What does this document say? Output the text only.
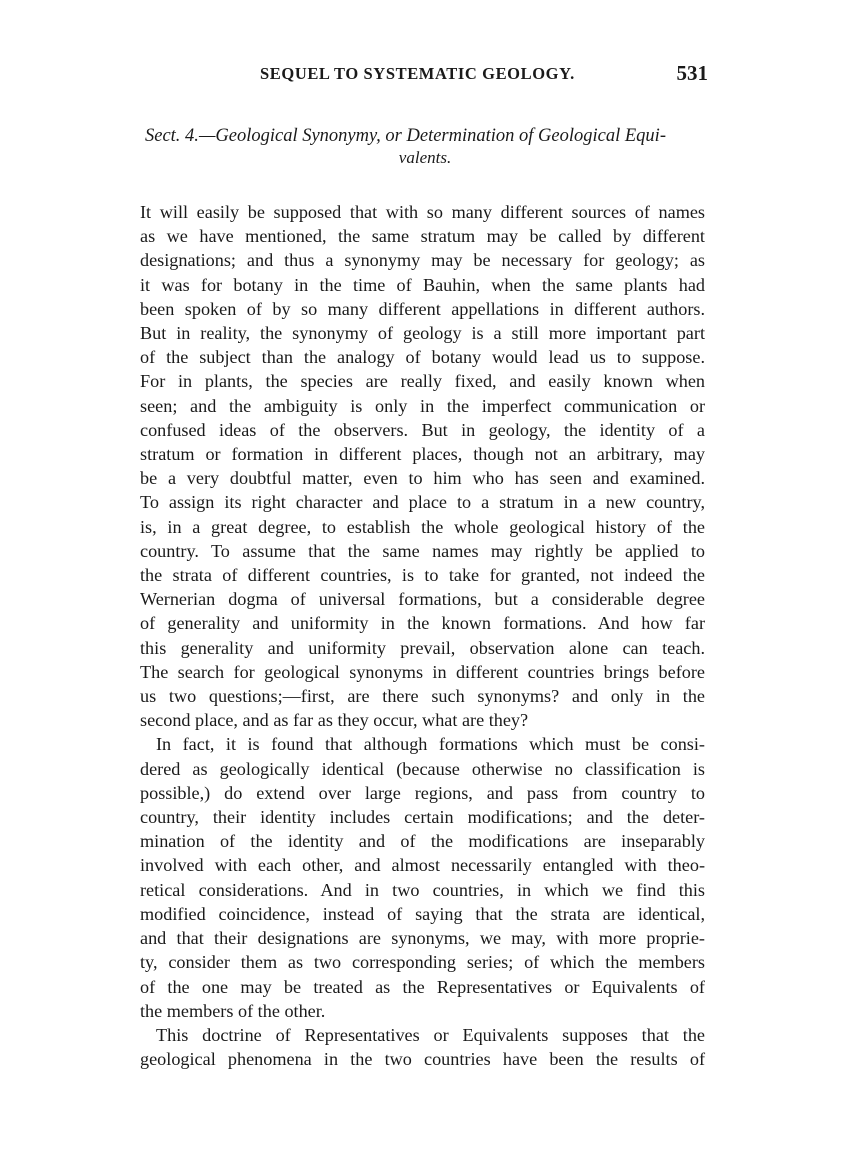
SEQUEL TO SYSTEMATIC GEOLOGY.	531
Sect. 4.—Geological Synonymy, or Determination of Geological Equi-
valents.
It will easily be supposed that with so many different sources of names
as we have mentioned, the same stratum may be called by different
designations; and thus a synonymy may be necessary for geology; as
it was for botany in the time of Bauhin, when the same plants had
been spoken of by so many different appellations in different authors.
But in reality, the synonymy of geology is a still more important part
of the subject than the analogy of botany would lead us to suppose.
For in plants, the species are really fixed, and easily known when
seen; and the ambiguity is only in the imperfect communication or
confused ideas of the observers. But in geology, the identity of a
stratum or formation in different places, though not an arbitrary, may
be a very doubtful matter, even to him who has seen and examined.
To assign its right character and place to a stratum in a new country,
is, in a great degree, to establish the whole geological history of the
country. To assume that the same names may rightly be applied to
the strata of different countries, is to take for granted, not indeed the
Wernerian dogma of universal formations, but a considerable degree
of generality and uniformity in the known formations. And how far
this generality and uniformity prevail, observation alone can teach.
The search for geological synonyms in different countries brings before
us two questions;—first, are there such synonyms? and only in the
second place, and as far as they occur, what are they?
In fact, it is found that although formations which must be consi-
dered as geologically identical (because otherwise no classification is
possible,) do extend over large regions, and pass from country to
country, their identity includes certain modifications; and the deter-
mination of the identity and of the modifications are inseparably
involved with each other, and almost necessarily entangled with theo-
retical considerations. And in two countries, in which we find this
modified coincidence, instead of saying that the strata are identical,
and that their designations are synonyms, we may, with more proprie-
ty, consider them as two corresponding series; of which the members
of the one may be treated as the Representatives or Equivalents of
the members of the other.
This doctrine of Representatives or Equivalents supposes that the
geological phenomena in the two countries have been the results of
